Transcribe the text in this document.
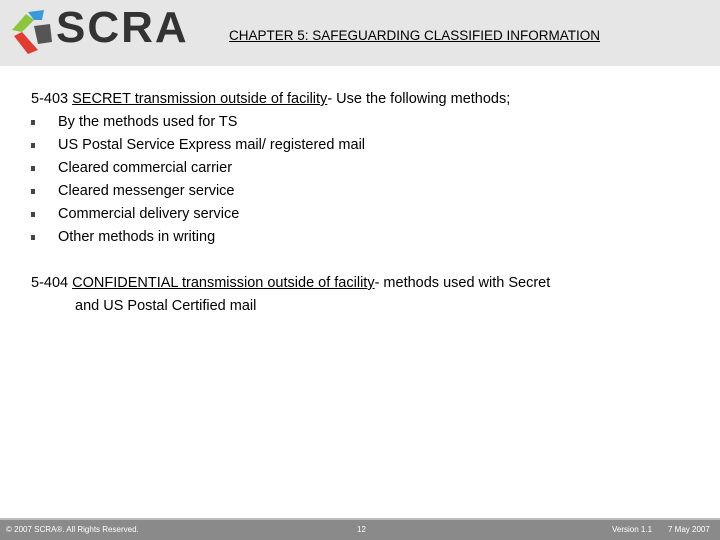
SCRA	CHAPTER 5: SAFEGUARDING CLASSIFIED INFORMATION
5-403 SECRET transmission outside of facility- Use the following methods;
By the methods used for TS
US Postal Service Express mail/ registered mail
Cleared commercial carrier
Cleared messenger service
Commercial delivery service
Other methods in writing
5-404 CONFIDENTIAL transmission outside of facility- methods used with Secret
and US Postal Certified mail
© 2007 SCRA®. All Rights Reserved.	12	Version 1.1 7 May 2007
